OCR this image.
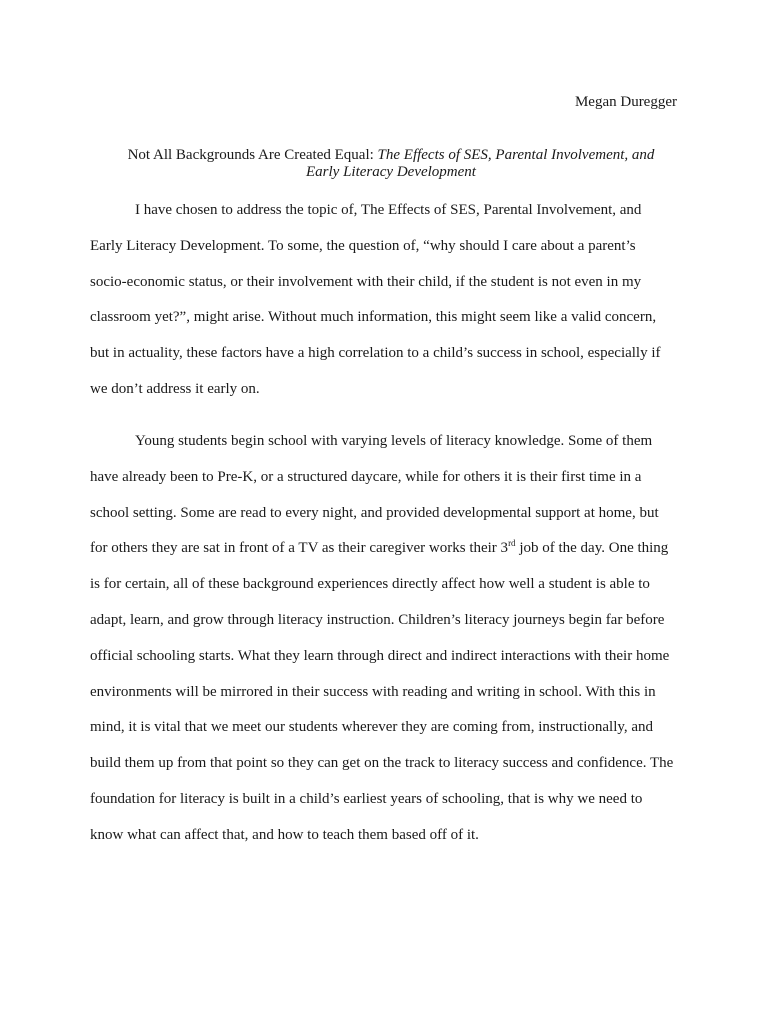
Megan Duregger
Not All Backgrounds Are Created Equal: The Effects of SES, Parental Involvement, and
Early Literacy Development
I have chosen to address the topic of, The Effects of SES, Parental Involvement, and
Early Literacy Development. To some, the question of, “why should I care about a parent’s
socio-economic status, or their involvement with their child, if the student is not even in my
classroom yet?”, might arise. Without much information, this might seem like a valid concern,
but in actuality, these factors have a high correlation to a child’s success in school, especially if
we don’t address it early on.
Young students begin school with varying levels of literacy knowledge. Some of them
have already been to Pre-K, or a structured daycare, while for others it is their first time in a
school setting. Some are read to every night, and provided developmental support at home, but
for others they are sat in front of a TV as their caregiver works their 3rd job of the day. One thing
is for certain, all of these background experiences directly affect how well a student is able to
adapt, learn, and grow through literacy instruction. Children’s literacy journeys begin far before
official schooling starts. What they learn through direct and indirect interactions with their home
environments will be mirrored in their success with reading and writing in school. With this in
mind, it is vital that we meet our students wherever they are coming from, instructionally, and
build them up from that point so they can get on the track to literacy success and confidence. The
foundation for literacy is built in a child’s earliest years of schooling, that is why we need to
know what can affect that, and how to teach them based off of it.
